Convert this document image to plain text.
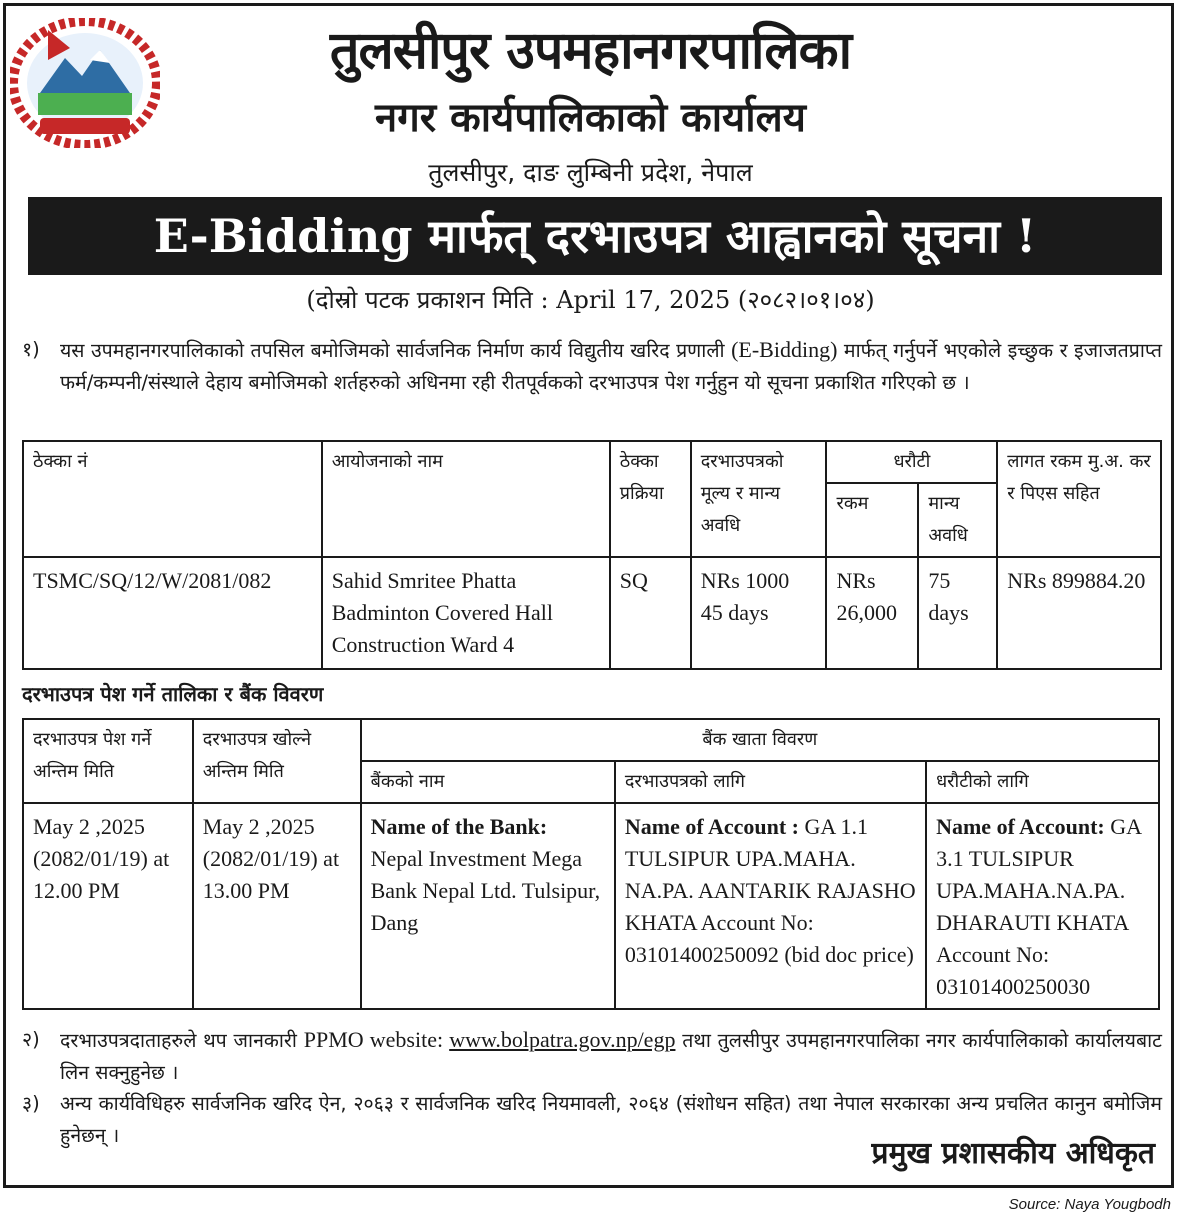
तुलसीपुर उपमहानगरपालिका
नगर कार्यपालिकाको कार्यालय
तुलसीपुर, दाङ लुम्बिनी प्रदेश, नेपाल
E-Bidding मार्फत् दरभाउपत्र आह्वानको सूचना !
(दोस्रो पटक प्रकाशन मिति : April 17, 2025 (२०८२।०१।०४)
१) यस उपमहानगरपालिकाको तपसिल बमोजिमको सार्वजनिक निर्माण कार्य विद्युतीय खरिद प्रणाली (E-Bidding) मार्फत् गर्नुपर्ने भएकोले इच्छुक र इजाजतप्राप्त फर्म/कम्पनी/संस्थाले देहाय बमोजिमको शर्तहरुको अधिनमा रही रीतपूर्वकको दरभाउपत्र पेश गर्नुहुन यो सूचना प्रकाशित गरिएको छ ।
ठेक्का नं	आयोजनाको नाम	ठेक्का प्रक्रिया	दरभाउपत्रको मूल्य र मान्य अवधि	धरौटी		लागत रकम मु.अ. कर र पिएस सहित
				रकम	मान्य अवधि	
TSMC/SQ/12/W/2081/082	Sahid Smritee Phatta Badminton Covered Hall Construction Ward 4	SQ	NRs 1000 45 days	NRs 26,000	75 days	NRs 899884.20
दरभाउपत्र पेश गर्ने तालिका र बैंक विवरण
दरभाउपत्र पेश गर्ने अन्तिम मिति	दरभाउपत्र खोल्ने अन्तिम मिति	बैंक खाता विवरण		
		बैंकको नाम	दरभाउपत्रको लागि	धरौटीको लागि
May 2 ,2025 (2082/01/19) at 12.00 PM	May 2 ,2025 (2082/01/19) at 13.00 PM	Name of the Bank: Nepal Investment Mega Bank Nepal Ltd. Tulsipur, Dang	Name of Account : GA 1.1 TULSIPUR UPA.MAHA. NA.PA. AANTARIK RAJASHO KHATA Account No: 03101400250092 (bid doc price)	Name of Account: GA 3.1 TULSIPUR UPA.MAHA.NA.PA. DHARAUTI KHATA Account No: 03101400250030
२) दरभाउपत्रदाताहरुले थप जानकारी PPMO website: www.bolpatra.gov.np/egp तथा तुलसीपुर उपमहानगरपालिका नगर कार्यपालिकाको कार्यालयबाट लिन सक्नुहुनेछ ।
३) अन्य कार्यविधिहरु सार्वजनिक खरिद ऐन, २०६३ र सार्वजनिक खरिद नियमावली, २०६४ (संशोधन सहित) तथा नेपाल सरकारका अन्य प्रचलित कानुन बमोजिम हुनेछन् ।
प्रमुख प्रशासकीय अधिकृत
Source: Naya Yougbodh
